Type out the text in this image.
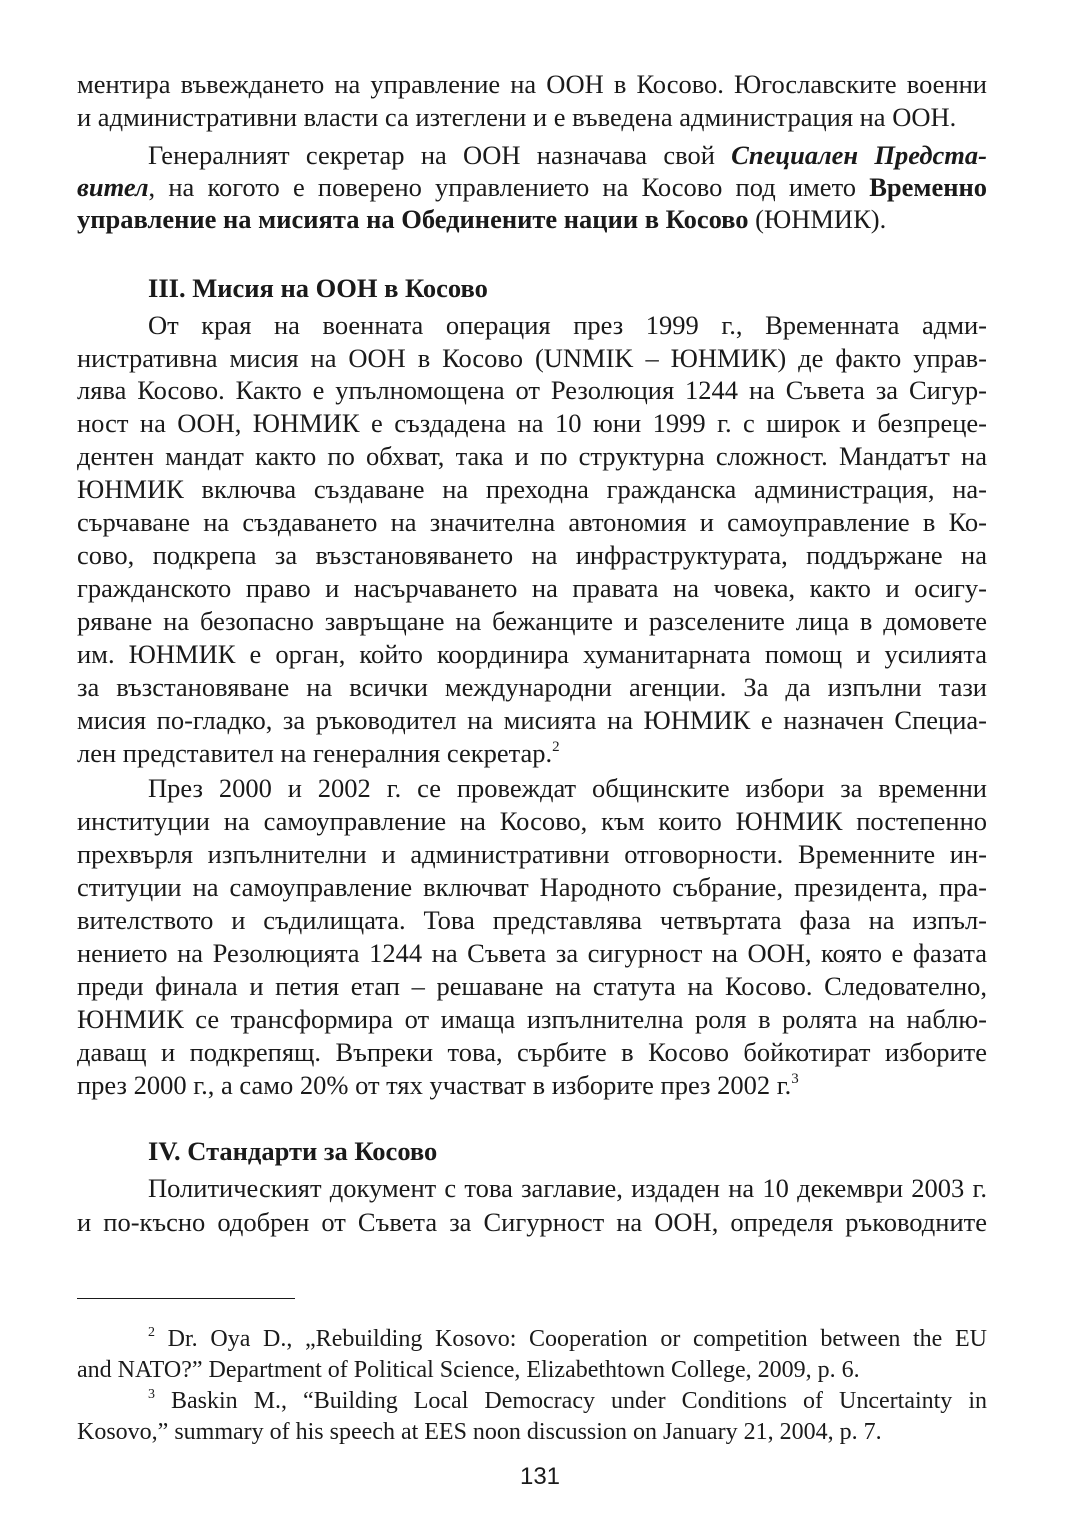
ментира въвеждането на управление на ООН в Косово. Югославските военни
и административни власти са изтеглени и е въведена администрация на ООН.
Генералният секретар на ООН назначава свой Специален Предста-
вител, на когото е поверено управлението на Косово под името Временно
управление на мисията на Обединените нации в Косово (ЮНМИК).
III. Мисия на ООН в Косово
От края на военната операция през 1999 г., Временната адми-
нистративна мисия на ООН в Косово (UNMIK – ЮНМИК) де факто управ-
лява Косово. Както е упълномощена от Резолюция 1244 на Съвета за Сигур-
ност на ООН, ЮНМИК е създадена на 10 юни 1999 г. с широк и безпреце-
дентен мандат както по обхват, така и по структурна сложност. Мандатът на
ЮНМИК включва създаване на преходна гражданска администрация, на-
сърчаване на създаването на значителна автономия и самоуправление в Ко-
сово, подкрепа за възстановяването на инфраструктурата, поддържане на
гражданското право и насърчаването на правата на човека, както и осигу-
ряване на безопасно завръщане на бежанците и разселените лица в домовете
им. ЮНМИК е орган, който координира хуманитарната помощ и усилията
за възстановяване на всички международни агенции. За да изпълни тази
мисия по-гладко, за ръководител на мисията на ЮНМИК е назначен Специа-
лен представител на генералния секретар.$^2$
През 2000 и 2002 г. се провеждат общинските избори за временни
институции на самоуправление на Косово, към които ЮНМИК постепенно
прехвърля изпълнителни и административни отговорности. Временните ин-
ституции на самоуправление включват Народното събрание, президента, пра-
вителството и съдилищата. Това представлява четвъртата фаза на изпъл-
нението на Резолюцията 1244 на Съвета за сигурност на ООН, която е фазата
преди финала и петия етап – решаване на статута на Косово. Следователно,
ЮНМИК се трансформира от имаща изпълнителна роля в ролята на наблю-
даващ и подкрепящ. Въпреки това, сърбите в Косово бойкотират изборите
през 2000 г., а само 20% от тях участват в изборите през 2002 г.$^3$
IV. Стандарти за Косово
Политическият документ с това заглавие, издаден на 10 декември 2003 г.
и по-късно одобрен от Съвета за Сигурност на ООН, определя ръководните
$^2$ Dr. Oya D., „Rebuilding Kosovo: Cooperation or competition between the EU
and NATO?” Department of Political Science, Elizabethtown College, 2009, p. 6.
$^3$ Baskin M., “Building Local Democracy under Conditions of Uncertainty in
Kosovo,” summary of his speech at EES noon discussion on January 21, 2004, p. 7.
131
